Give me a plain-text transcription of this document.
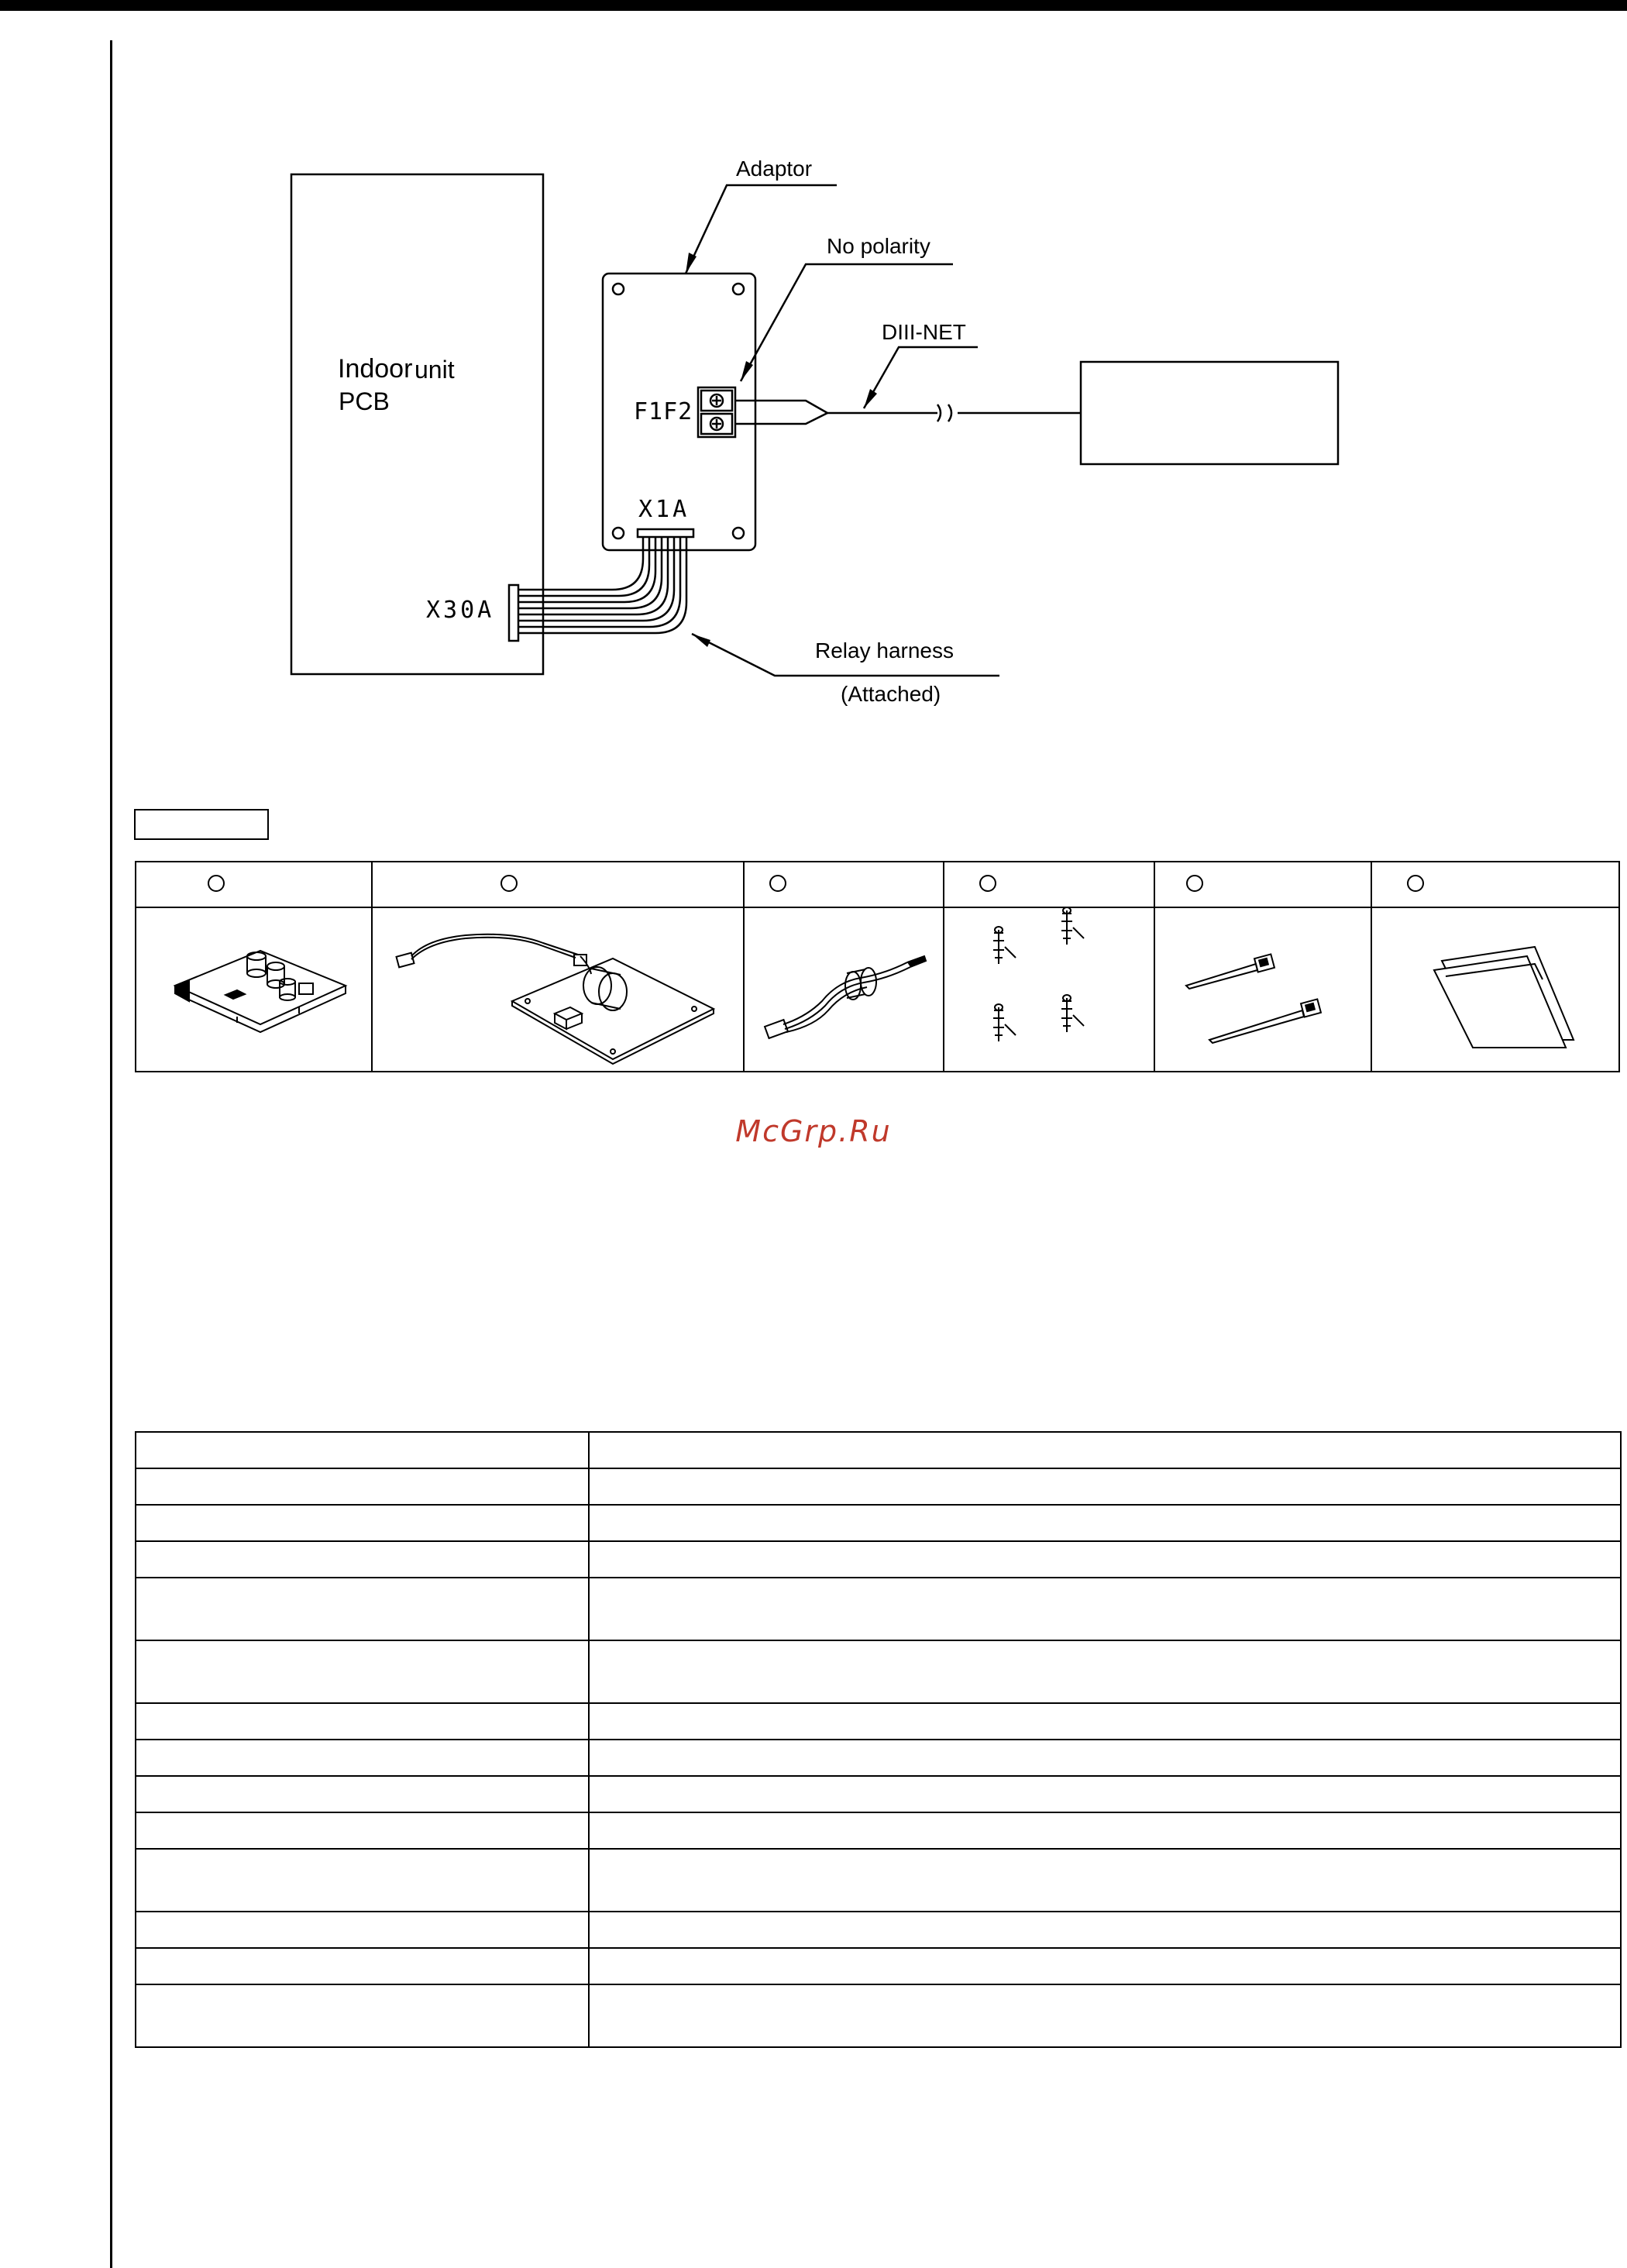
Indoor unit
PCB
X30A
Adaptor
No polarity
DIII-NET
F1F2
X1A
Relay harness
(Attached)
McGrp.Ru
